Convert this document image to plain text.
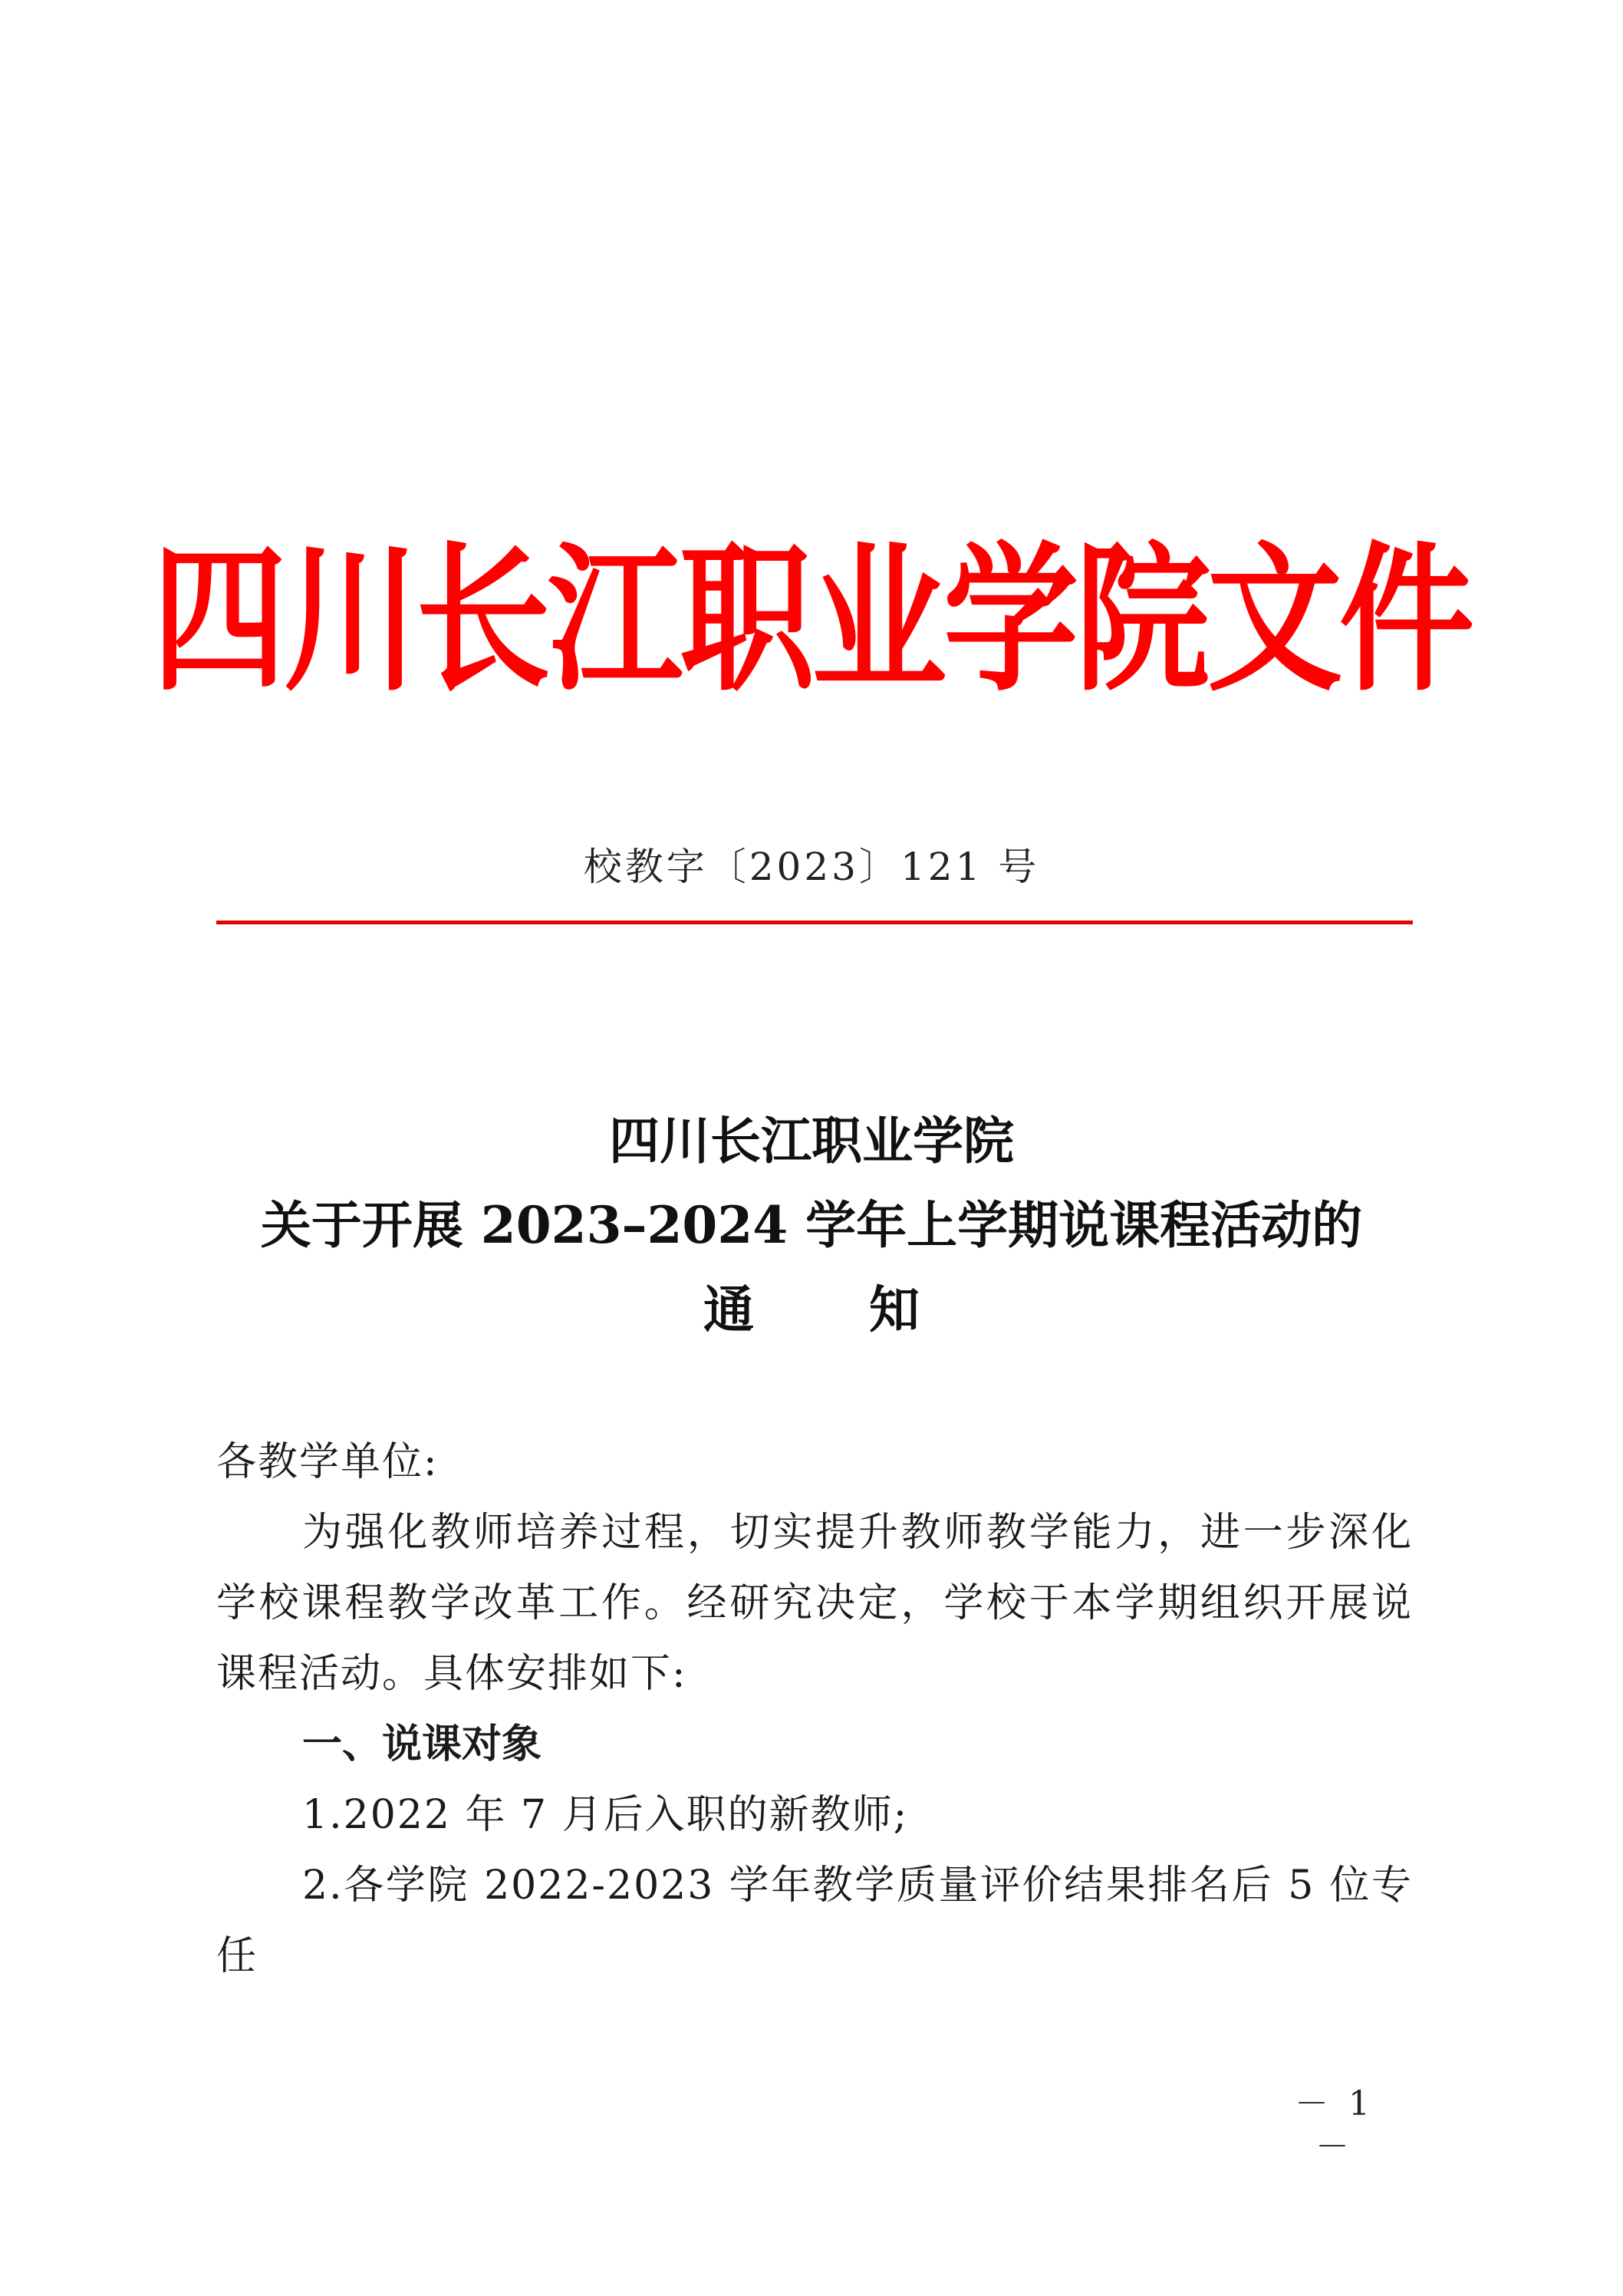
四川长江职业学院文件
校教字〔2023〕121 号
四川长江职业学院
关于开展 2023–2024 学年上学期说课程活动的
通知

各教学单位:

为强化教师培养过程，切实提升教师教学能力，进一步深化学校课程教学改革工作。经研究决定，学校于本学期组织开展说课程活动。具体安排如下:

一、说课对象

1.2022 年 7 月后入职的新教师;

2.各学院 2022-2023 学年教学质量评价结果排名后 5 位专任

－ 1 －
